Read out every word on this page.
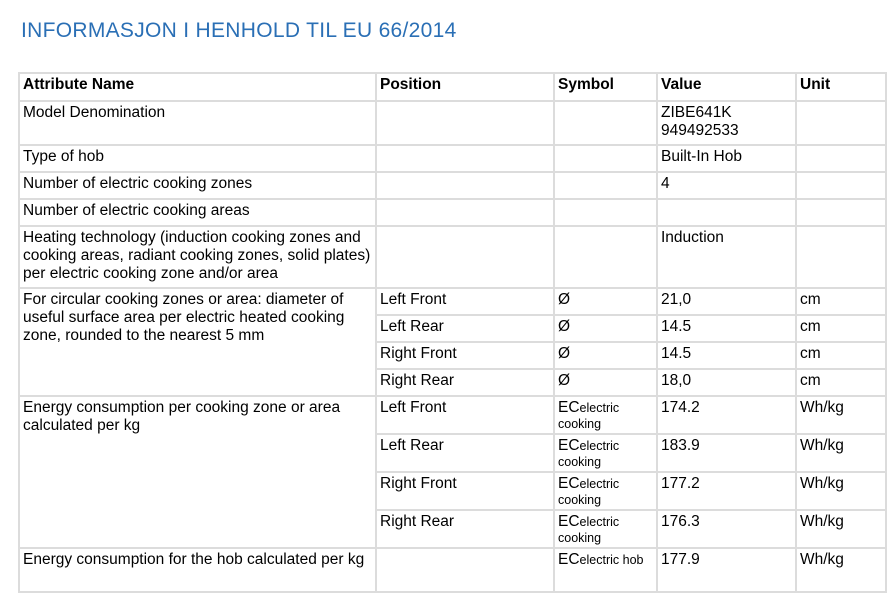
INFORMASJON I HENHOLD TIL EU 66/2014
Attribute Name	Position	Symbol	Value	Unit
Model Denomination			ZIBE641K
949492533	

Type of hob			Built-In Hob	
Number of electric cooking zones			4	
Number of electric cooking areas				
Heating technology (induction cooking zones and cooking areas, radiant cooking zones, solid plates) per electric cooking zone and/or area			Induction	
For circular cooking zones or area: diameter of useful surface area per electric heated cooking zone, rounded to the nearest 5 mm	Left Front	Ø	21,0	cm
	Left Rear	Ø	14.5	cm
	Right Front	Ø	14.5	cm
	Right Rear	Ø	18,0	cm
Energy consumption per cooking zone or area calculated per kg	Left Front	ECelectric
cooking	174.2	Wh/kg
	Left Rear	ECelectric
cooking	183.9	Wh/kg
	Right Front	ECelectric
cooking	177.2	Wh/kg
	Right Rear	ECelectric
cooking	176.3	Wh/kg
Energy consumption for the hob calculated per kg		ECelectric hob	177.9	Wh/kg
